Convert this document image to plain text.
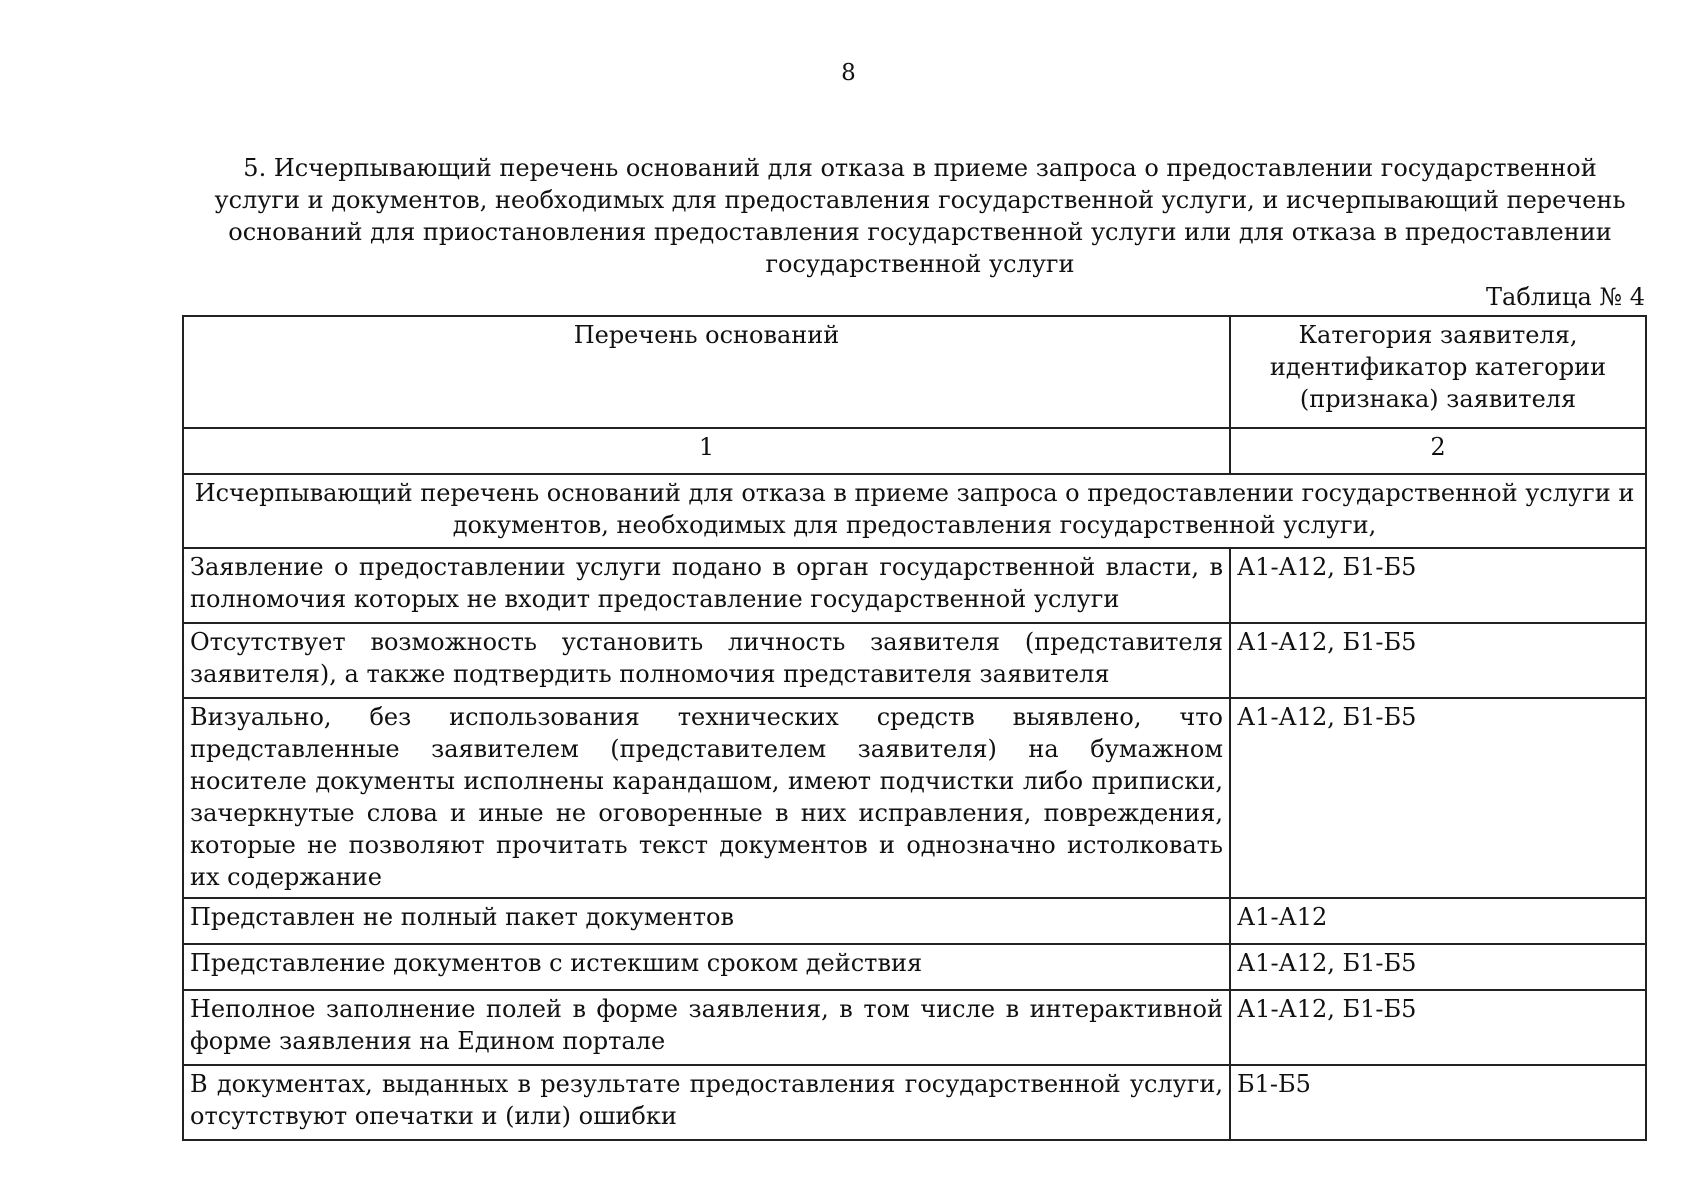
8
5. Исчерпывающий перечень оснований для отказа в приеме запроса о предоставлении государственной услуги и документов, необходимых для предоставления государственной услуги, и исчерпывающий перечень оснований для приостановления предоставления государственной услуги или для отказа в предоставлении государственной услуги
Таблица № 4
Перечень оснований	Категория заявителя, идентификатор категории (признака) заявителя
1	2
Исчерпывающий перечень оснований для отказа в приеме запроса о предоставлении государственной услуги и документов, необходимых для предоставления государственной услуги,	
Заявление о предоставлении услуги подано в орган государственной власти, в полномочия которых не входит предоставление государственной услуги	А1-А12, Б1-Б5
Отсутствует возможность установить личность заявителя (представителя заявителя), а также подтвердить полномочия представителя заявителя	А1-А12, Б1-Б5
Визуально, без использования технических средств выявлено, что представленные заявителем (представителем заявителя) на бумажном носителе документы исполнены карандашом, имеют подчистки либо приписки, зачеркнутые слова и иные не оговоренные в них исправления, повреждения, которые не позволяют прочитать текст документов и однозначно истолковать их содержание	А1-А12, Б1-Б5
Представлен не полный пакет документов	А1-А12
Представление документов с истекшим сроком действия	А1-А12, Б1-Б5
Неполное заполнение полей в форме заявления, в том числе в интерактивной форме заявления на Едином портале	А1-А12, Б1-Б5
В документах, выданных в результате предоставления государственной услуги, отсутствуют опечатки и (или) ошибки	Б1-Б5
